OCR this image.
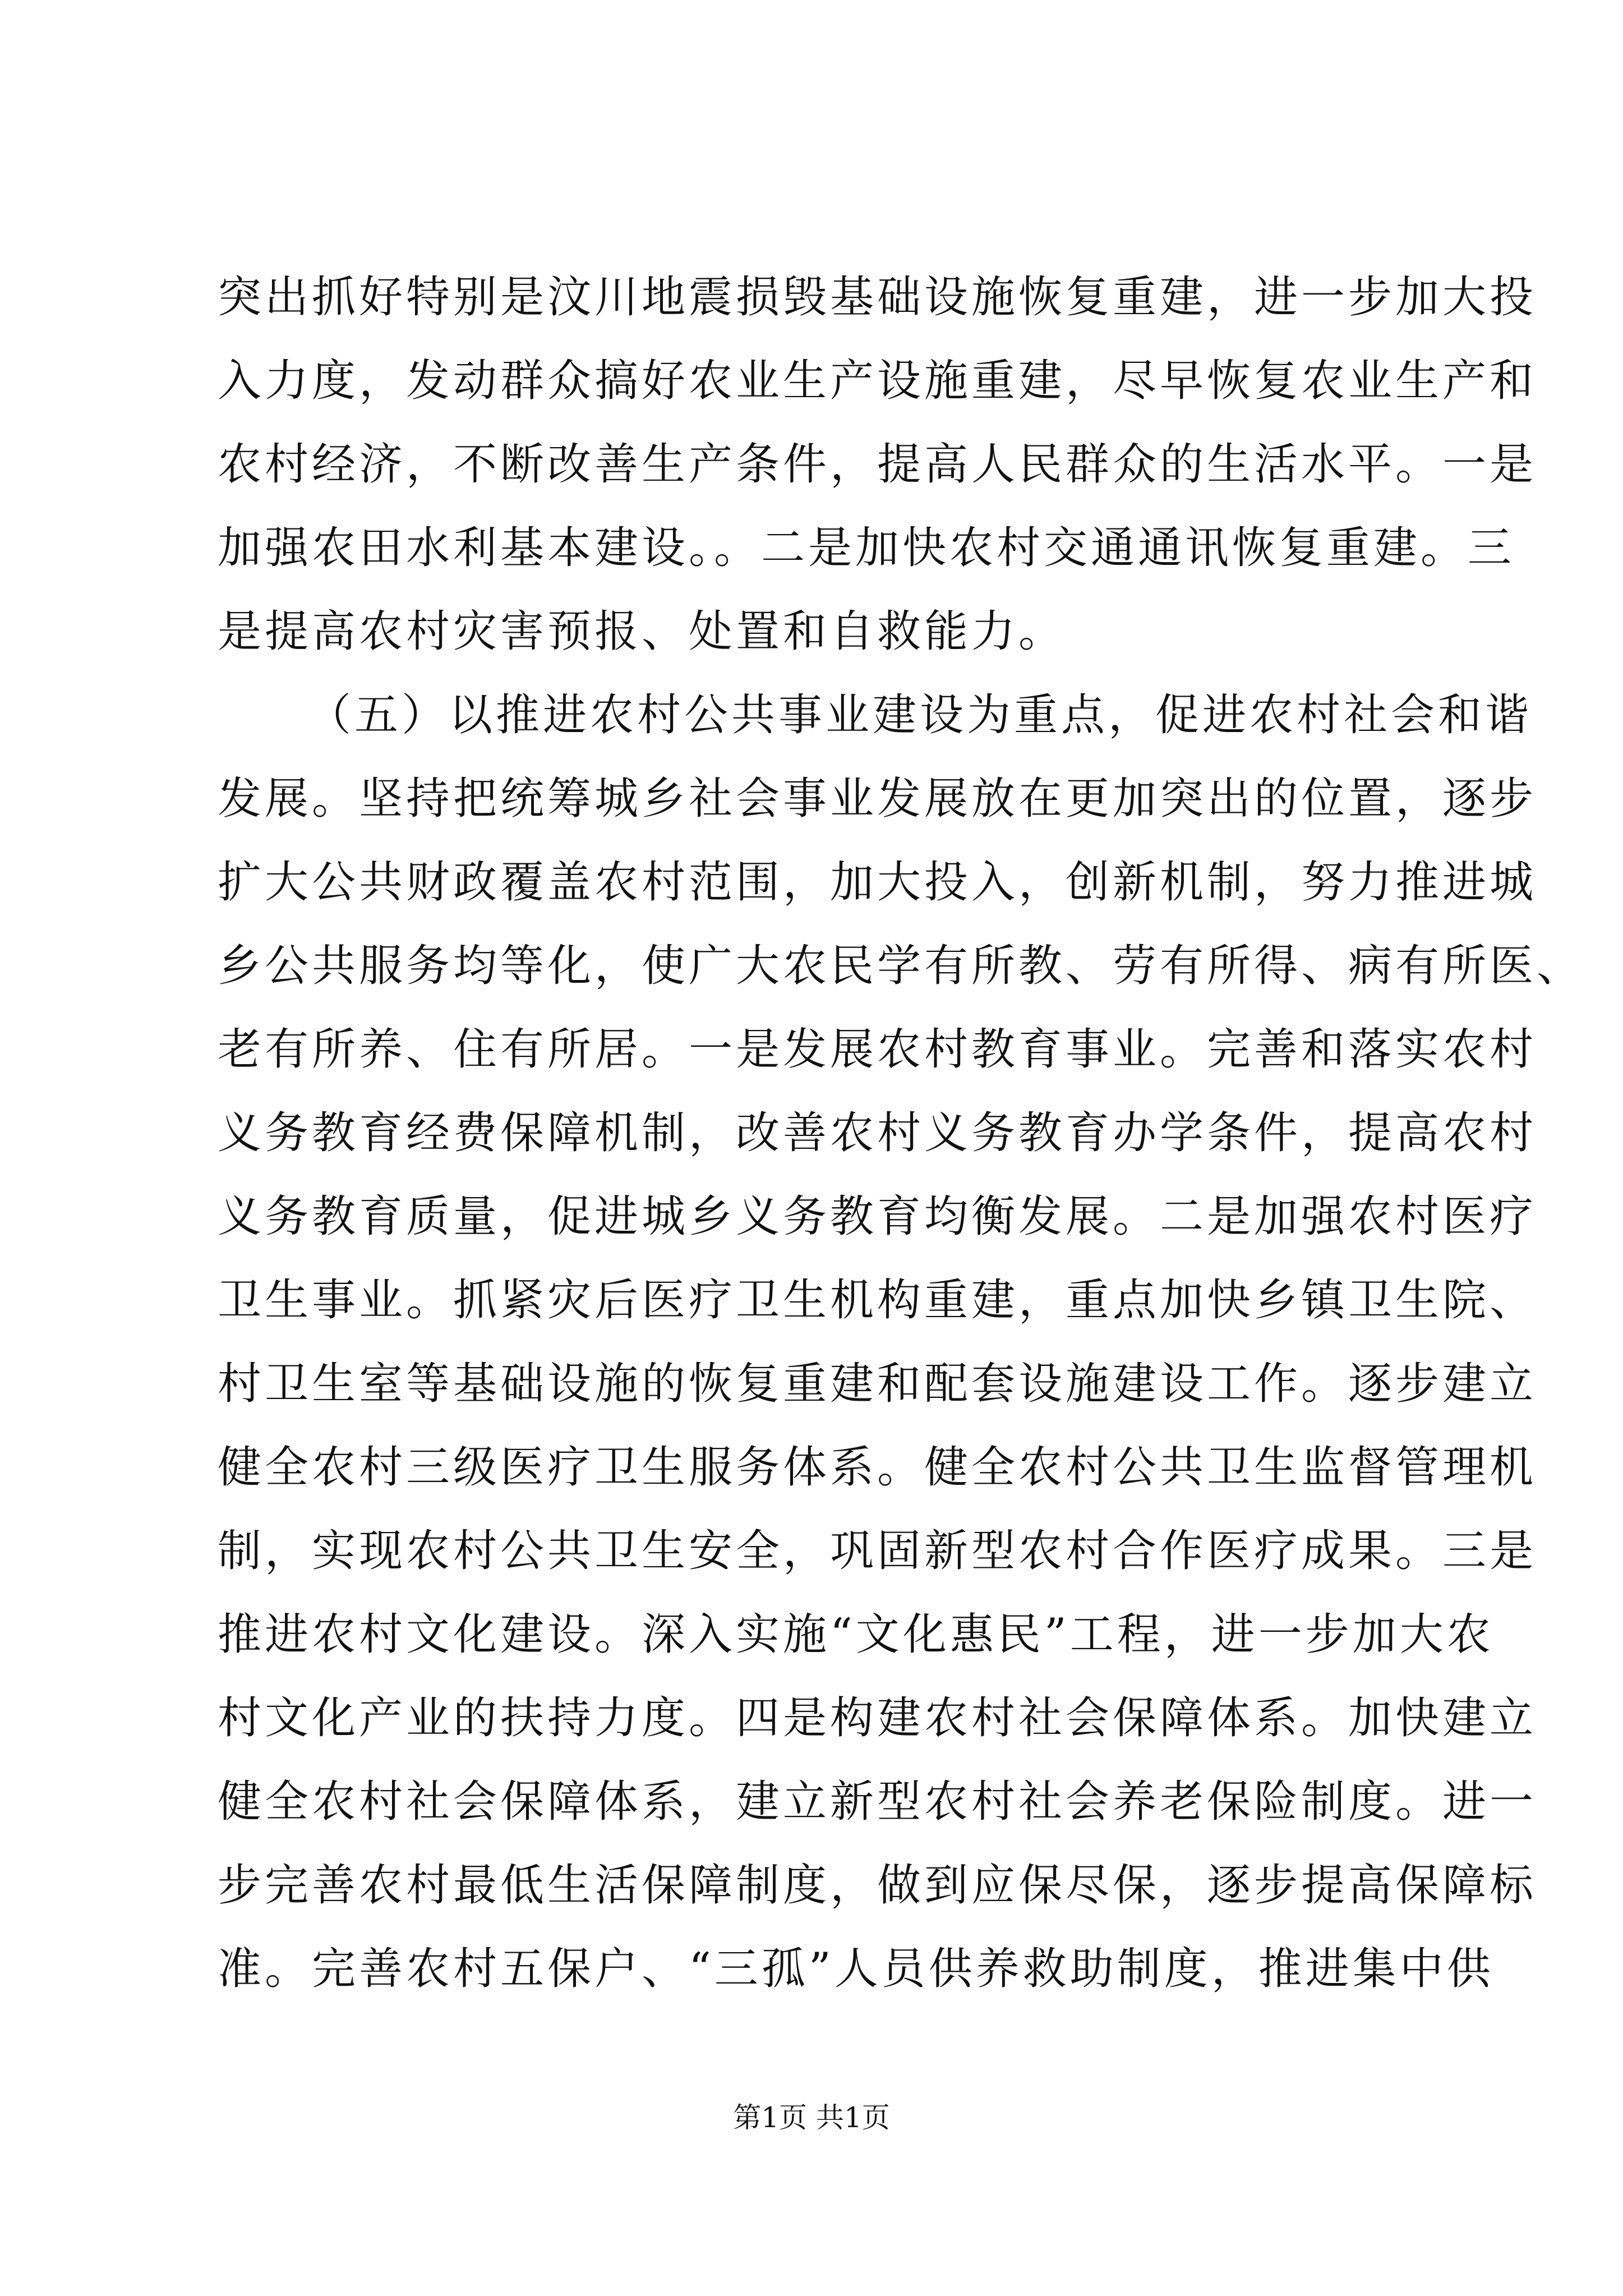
突出抓好特别是汶川地震损毁基础设施恢复重建，进一步加大投
入力度，发动群众搞好农业生产设施重建，尽早恢复农业生产和
农村经济，不断改善生产条件，提高人民群众的生活水平。一是
加强农田水利基本建设。。二是加快农村交通通讯恢复重建。三
是提高农村灾害预报、处置和自救能力。
（五）以推进农村公共事业建设为重点，促进农村社会和谐
发展。坚持把统筹城乡社会事业发展放在更加突出的位置，逐步
扩大公共财政覆盖农村范围，加大投入，创新机制，努力推进城
乡公共服务均等化，使广大农民学有所教、劳有所得、病有所医、
老有所养、住有所居。一是发展农村教育事业。完善和落实农村
义务教育经费保障机制，改善农村义务教育办学条件，提高农村
义务教育质量，促进城乡义务教育均衡发展。二是加强农村医疗
卫生事业。抓紧灾后医疗卫生机构重建，重点加快乡镇卫生院、
村卫生室等基础设施的恢复重建和配套设施建设工作。逐步建立
健全农村三级医疗卫生服务体系。健全农村公共卫生监督管理机
制，实现农村公共卫生安全，巩固新型农村合作医疗成果。三是
推进农村文化建设。深入实施“文化惠民”工程，进一步加大农
村文化产业的扶持力度。四是构建农村社会保障体系。加快建立
健全农村社会保障体系，建立新型农村社会养老保险制度。进一
步完善农村最低生活保障制度，做到应保尽保，逐步提高保障标
准。完善农村五保户、“三孤”人员供养救助制度，推进集中供
第1页 共1页
